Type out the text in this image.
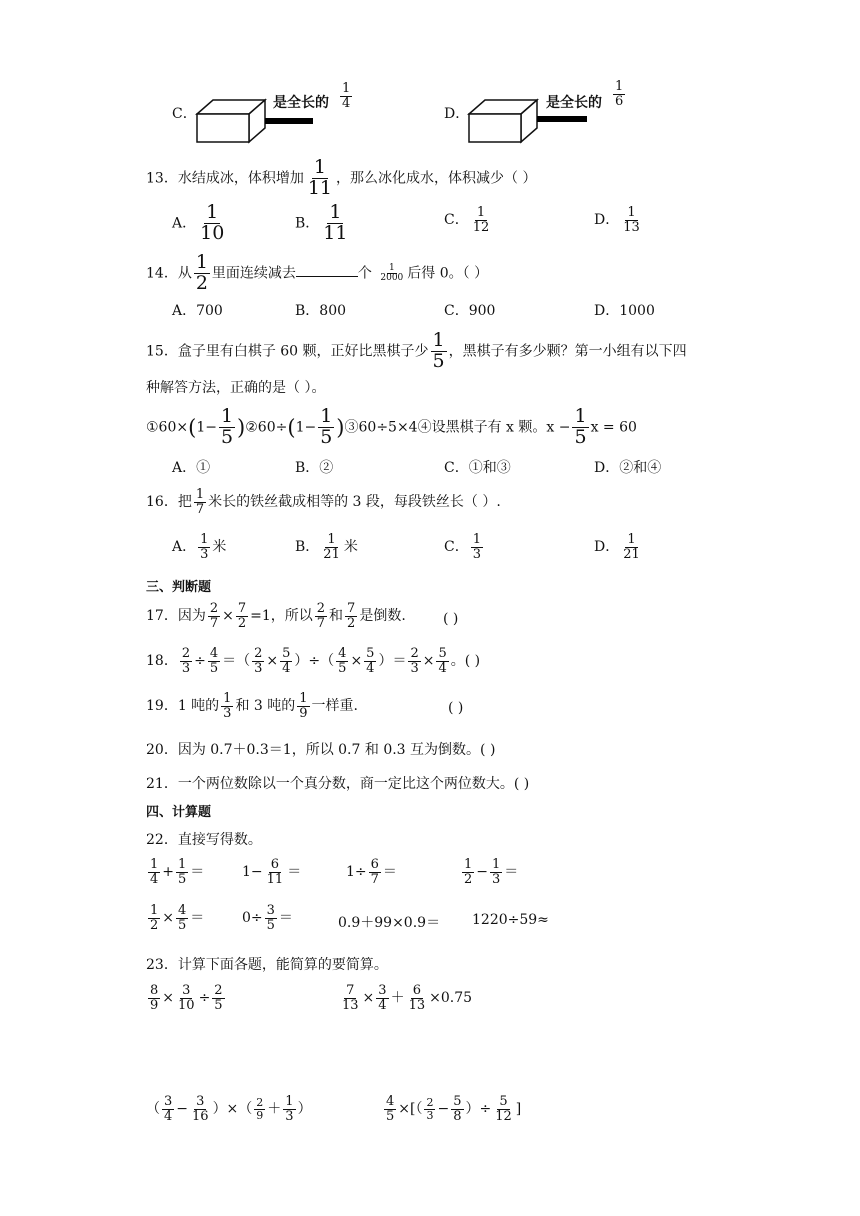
C．
是全长的 $\frac{1}{4}$
D．
是全长的 $\frac{1}{6}$
13．水结成冰，体积增加 $\frac{1}{11}$ ，那么冰化成水，体积减少（ ）
A． $\frac{1}{10}$	B． $\frac{1}{11}$	C． $\frac{1}{12}$	D． $\frac{1}{13}$
14．从 $\frac{1}{2}$ 里面连续减去	个 $\frac{1}{2000}$ 后得 0。（ ）
A．700	B．800	C．900	D．1000
15．盒子里有白棋子 60 颗，正好比黑棋子少 $\frac{1}{5}$ ，黑棋子有多少颗？第一小组有以下四
种解答方法，正确的是（ ）。
①60×(1− $\frac{1}{5}$ )②60÷(1− $\frac{1}{5}$ )③60÷5×4④设黑棋子有 x 颗。$x - \frac{1}{5}$ x = 60
A．①	B．②	C．①和③	D．②和④
16．把 $\frac{1}{7}$ 米长的铁丝截成相等的 3 段，每段铁丝长（ ）.
A． $\frac{1}{3}$ 米	B． $\frac{1}{21}$ 米	C． $\frac{1}{3}$	D． $\frac{1}{21}$
三、判断题
17．因为 $\frac{2}{7} \times \frac{7}{2} =1$，所以 $\frac{2}{7}$ 和 $\frac{7}{2}$ 是倒数.	( )
18． $\frac{2}{3} \div \frac{4}{5}$ ＝（ $\frac{2}{3} \times \frac{5}{4}$ ）÷（ $\frac{4}{5} \times \frac{5}{4}$ ）＝ $\frac{2}{3} \times \frac{5}{4}$ 。( )
19．1 吨的 $\frac{1}{3}$ 和 3 吨的 $\frac{1}{9}$ 一样重.	( )
20．因为 0.7＋0.3＝1，所以 0.7 和 0.3 互为倒数。( )
21．一个两位数除以一个真分数，商一定比这个两位数大。( )
四、计算题
22．直接写得数。
$\frac{1}{4} + \frac{1}{5}$ ＝	$1- \frac{6}{11}$ ＝	$1\div \frac{6}{7}$ ＝	$\frac{1}{2} - \frac{1}{3}$ ＝
$\frac{1}{2} \times \frac{4}{5}$ ＝	$0\div \frac{3}{5}$ ＝	0.9＋99×0.9＝ 1220÷59≈
23．计算下面各题，能简算的要简算。
$\frac{8}{9} \times \frac{3}{10} \div \frac{2}{5}$	$\frac{7}{13} \times \frac{3}{4} + \frac{6}{13} \times 0.75$
（ $\frac{3}{4} - \frac{3}{16}$ ）×（ $\frac{2}{9} + \frac{1}{3}$ ）	$\frac{4}{5}$ ×[（ $\frac{2}{3} - \frac{5}{8}$ ）÷ $\frac{5}{12}$ ]
